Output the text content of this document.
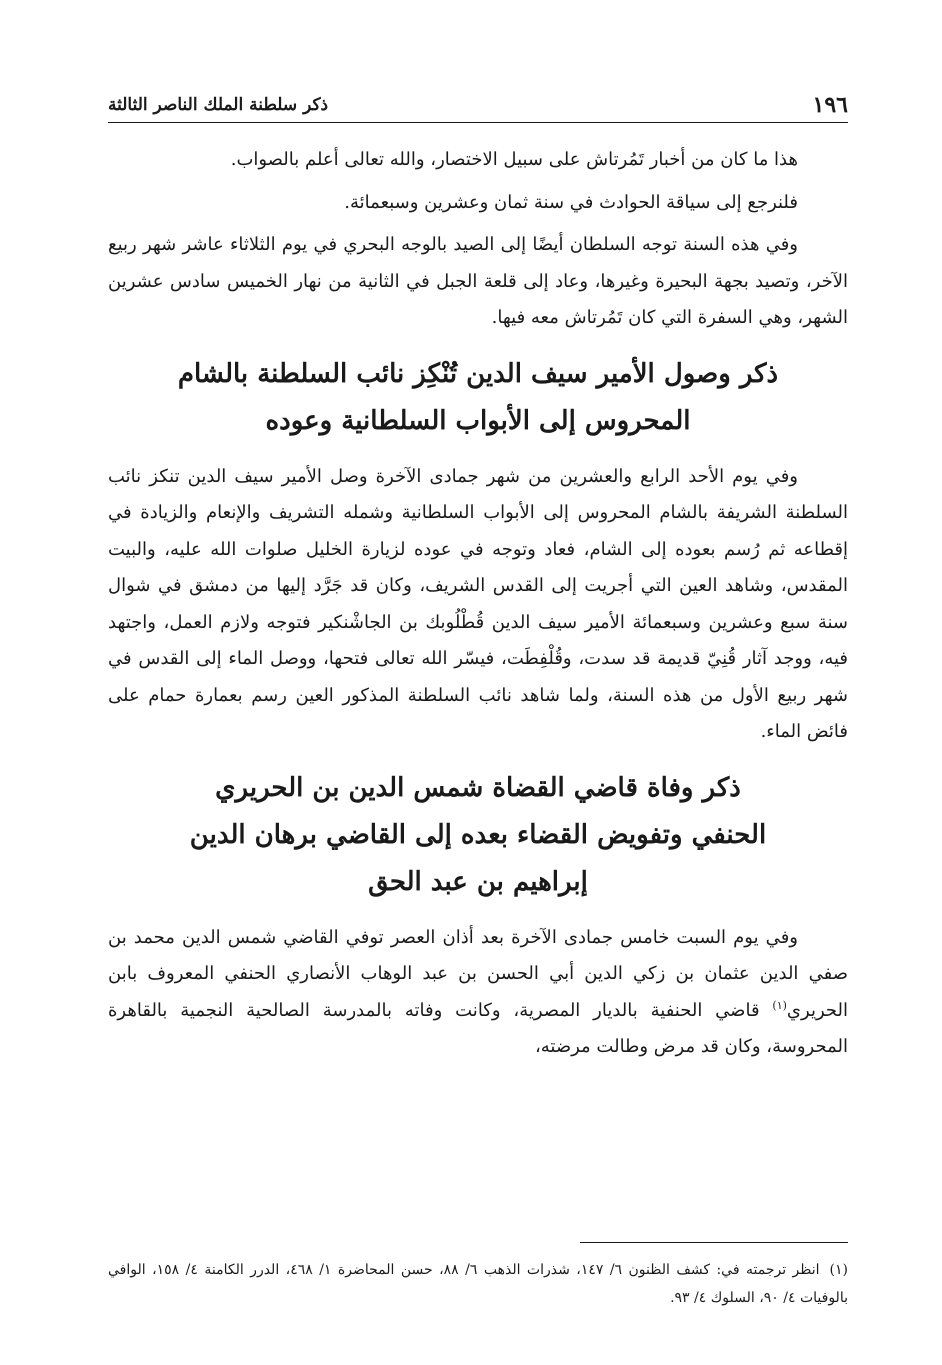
١٩٦
ذكر سلطنة الملك الناصر الثالثة

هذا ما كان من أخبار تَمُرتاش على سبيل الاختصار، والله تعالى أعلم بالصواب.

فلنرجع إلى سياقة الحوادث في سنة ثمان وعشرين وسبعمائة.

وفي هذه السنة توجه السلطان أيضًا إلى الصيد بالوجه البحري في يوم الثلاثاء عاشر شهر ربيع الآخر، وتصيد بجهة البحيرة وغيرها، وعاد إلى قلعة الجبل في الثانية من نهار الخميس سادس عشرين الشهر، وهي السفرة التي كان تَمُرتاش معه فيها.

ذكر وصول الأمير سيف الدين تُنْكِز نائب السلطنة بالشام
المحروس إلى الأبواب السلطانية وعوده

وفي يوم الأحد الرابع والعشرين من شهر جمادى الآخرة وصل الأمير سيف الدين تنكز نائب السلطنة الشريفة بالشام المحروس إلى الأبواب السلطانية وشمله التشريف والإنعام والزيادة في إقطاعه ثم رُسم بعوده إلى الشام، فعاد وتوجه في عوده لزيارة الخليل صلوات الله عليه، والبيت المقدس، وشاهد العين التي أجريت إلى القدس الشريف، وكان قد جَرَّد إليها من دمشق في شوال سنة سبع وعشرين وسبعمائة الأمير سيف الدين قُطْلُوبك بن الجاشْنكير فتوجه ولازم العمل، واجتهد فيه، ووجد آثار قُنِيّ قديمة قد سدت، وقُلْفِطَت، فيسّر الله تعالى فتحها، ووصل الماء إلى القدس في شهر ربيع الأول من هذه السنة، ولما شاهد نائب السلطنة المذكور العين رسم بعمارة حمام على فائض الماء.

ذكر وفاة قاضي القضاة شمس الدين بن الحريري
الحنفي وتفويض القضاء بعده إلى القاضي برهان الدين
إبراهيم بن عبد الحق

وفي يوم السبت خامس جمادى الآخرة بعد أذان العصر توفي القاضي شمس الدين محمد بن صفي الدين عثمان بن زكي الدين أبي الحسن بن عبد الوهاب الأنصاري الحنفي المعروف بابن الحريري$^{(١)}$ قاضي الحنفية بالديار المصرية، وكانت وفاته بالمدرسة الصالحية النجمية بالقاهرة المحروسة، وكان قد مرض وطالت مرضته،

(١)انظر ترجمته في: كشف الظنون ٦/ ١٤٧، شذرات الذهب ٦/ ٨٨، حسن المحاضرة ١/ ٤٦٨، الدرر الكامنة ٤/ ١٥٨، الوافي بالوفيات ٤/ ٩٠، السلوك ٤/ ٩٣.
